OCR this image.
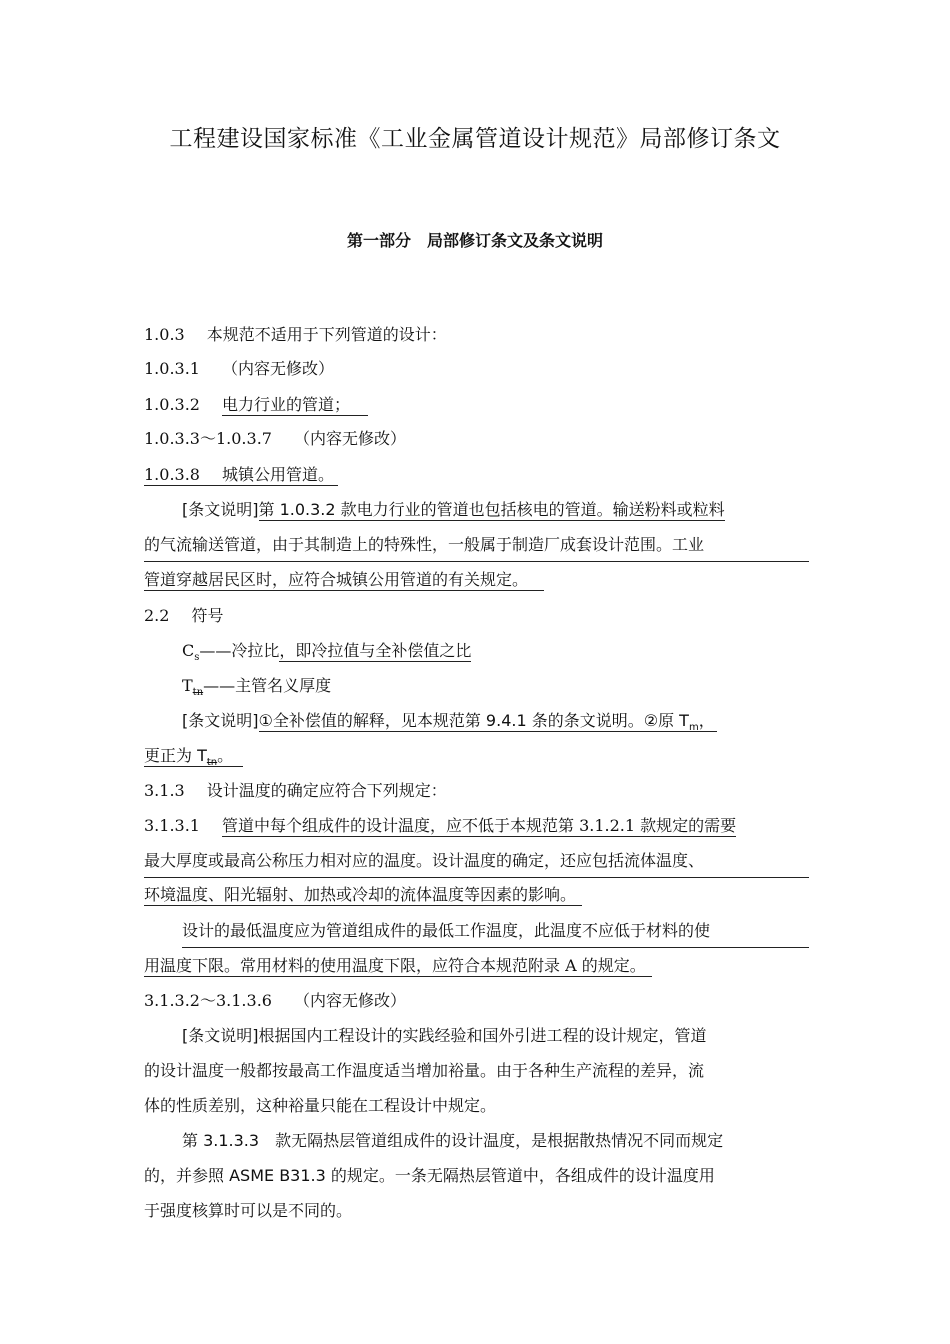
工程建设国家标准《工业金属管道设计规范》局部修订条文
第一部分　局部修订条文及条文说明
1.0.3 本规范不适用于下列管道的设计：
1.0.3.1 （内容无修改）
1.0.3.2 电力行业的管道；
1.0.3.3～1.0.3.7 （内容无修改）
1.0.3.8 城镇公用管道。
[条文说明]第 1.0.3.2 款电力行业的管道也包括核电的管道。输送粉料或粒料
的气流输送管道，由于其制造上的特殊性，一般属于制造厂成套设计范围。工业
管道穿越居民区时，应符合城镇公用管道的有关规定。
2.2 符号
$C_s——$冷拉比，即冷拉值与全补偿值之比
$T_{tn}——$主管名义厚度
[条文说明]①全补偿值的解释，见本规范第 9.4.1 条的条文说明。②原 $T_m$，
更正为 $T_{tn}$。
3.1.3 设计温度的确定应符合下列规定：
3.1.3.1 管道中每个组成件的设计温度，应不低于本规范第 3.1.2.1 款规定的需要
最大厚度或最高公称压力相对应的温度。设计温度的确定，还应包括流体温度、
环境温度、阳光辐射、加热或冷却的流体温度等因素的影响。
设计的最低温度应为管道组成件的最低工作温度，此温度不应低于材料的使
用温度下限。常用材料的使用温度下限，应符合本规范附录 A 的规定。
3.1.3.2～3.1.3.6 （内容无修改）
[条文说明]根据国内工程设计的实践经验和国外引进工程的设计规定，管道
的设计温度一般都按最高工作温度适当增加裕量。由于各种生产流程的差异，流
体的性质差别，这种裕量只能在工程设计中规定。
第 3.1.3.3　款无隔热层管道组成件的设计温度，是根据散热情况不同而规定
的，并参照 ASME B31.3 的规定。一条无隔热层管道中，各组成件的设计温度用
于强度核算时可以是不同的。
